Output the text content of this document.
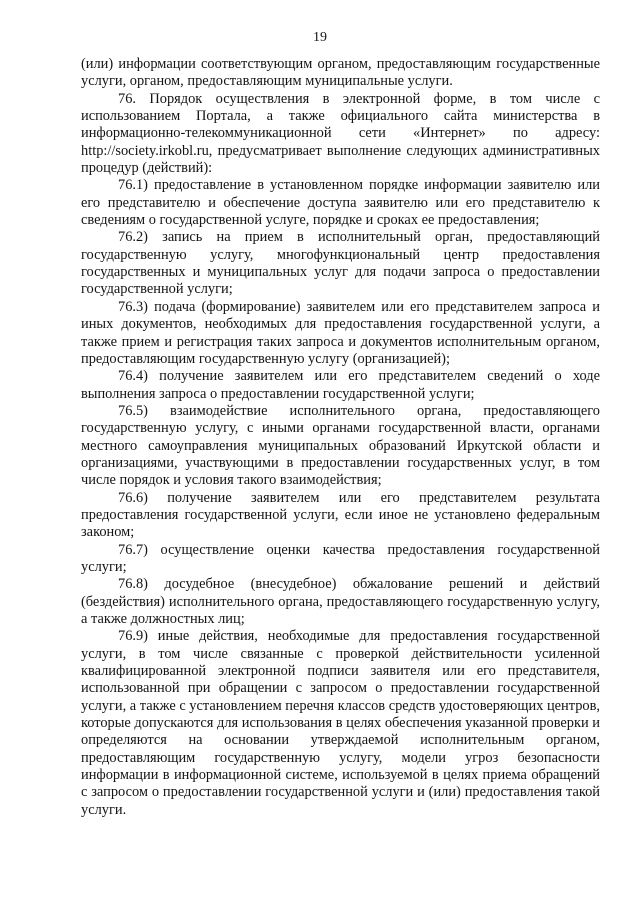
19

(или) информации соответствующим органом, предоставляющим государственные услуги, органом, предоставляющим муниципальные услуги.

76. Порядок осуществления в электронной форме, в том числе с использованием Портала, а также официального сайта министерства в информационно-телекоммуникационной сети «Интернет» по адресу: http://society.irkobl.ru, предусматривает выполнение следующих административных процедур (действий):

76.1) предоставление в установленном порядке информации заявителю или его представителю и обеспечение доступа заявителю или его представителю к сведениям о государственной услуге, порядке и сроках ее предоставления;

76.2) запись на прием в исполнительный орган, предоставляющий государственную услугу, многофункциональный центр предоставления государственных и муниципальных услуг для подачи запроса о предоставлении государственной услуги;

76.3) подача (формирование) заявителем или его представителем запроса и иных документов, необходимых для предоставления государственной услуги, а также прием и регистрация таких запроса и документов исполнительным органом, предоставляющим государственную услугу (организацией);

76.4) получение заявителем или его представителем сведений о ходе выполнения запроса о предоставлении государственной услуги;

76.5) взаимодействие исполнительного органа, предоставляющего государственную услугу, с иными органами государственной власти, органами местного самоуправления муниципальных образований Иркутской области и организациями, участвующими в предоставлении государственных услуг, в том числе порядок и условия такого взаимодействия;

76.6) получение заявителем или его представителем результата предоставления государственной услуги, если иное не установлено федеральным законом;

76.7) осуществление оценки качества предоставления государственной услуги;

76.8) досудебное (внесудебное) обжалование решений и действий (бездействия) исполнительного органа, предоставляющего государственную услугу, а также должностных лиц;

76.9) иные действия, необходимые для предоставления государственной услуги, в том числе связанные с проверкой действительности усиленной квалифицированной электронной подписи заявителя или его представителя, использованной при обращении с запросом о предоставлении государственной услуги, а также с установлением перечня классов средств удостоверяющих центров, которые допускаются для использования в целях обеспечения указанной проверки и определяются на основании утверждаемой исполнительным органом, предоставляющим государственную услугу, модели угроз безопасности информации в информационной системе, используемой в целях приема обращений с запросом о предоставлении государственной услуги и (или) предоставления такой услуги.
